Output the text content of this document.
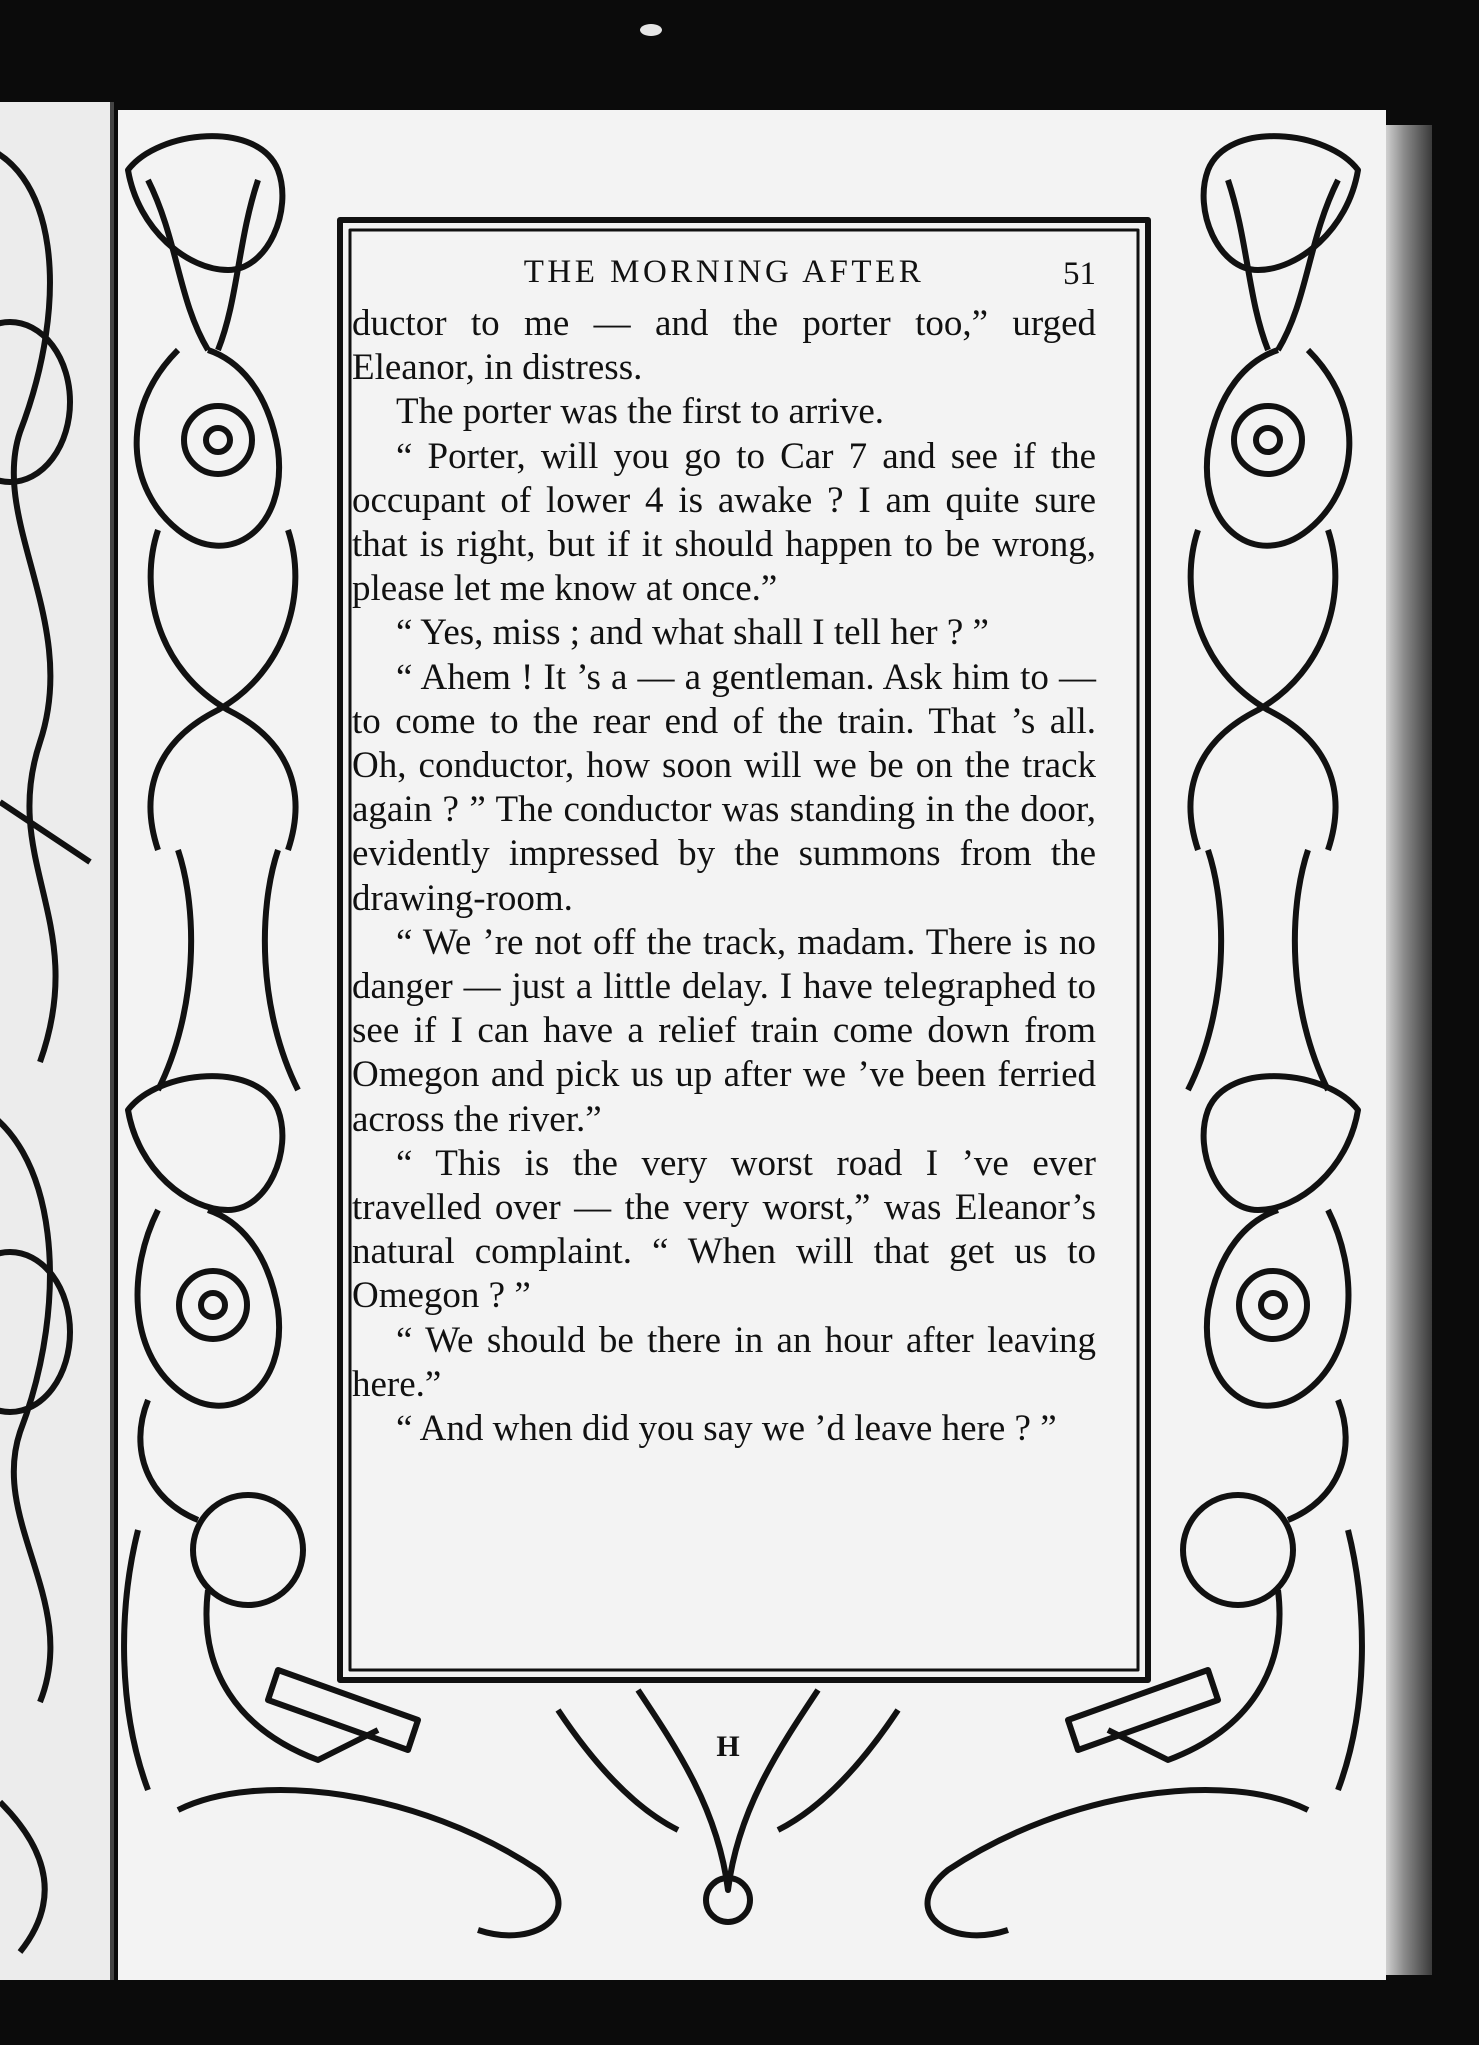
H
THE MORNING AFTER	51

ductor to me — and the porter too,” urged Eleanor, in distress.

The porter was the first to arrive.

“ Porter, will you go to Car 7 and see if the occupant of lower 4 is awake ? I am quite sure that is right, but if it should happen to be wrong, please let me know at once.”

“ Yes, miss ; and what shall I tell her ? ”

“ Ahem ! It ’s a — a gentleman. Ask him to — to come to the rear end of the train. That ’s all. Oh, conductor, how soon will we be on the track again ? ” The conductor was standing in the door, evidently impressed by the summons from the drawing-room.

“ We ’re not off the track, madam. There is no danger — just a little delay. I have telegraphed to see if I can have a relief train come down from Omegon and pick us up after we ’ve been ferried across the river.”

“ This is the very worst road I ’ve ever travelled over — the very worst,” was Eleanor’s natural complaint. “ When will that get us to Omegon ? ”

“ We should be there in an hour after leaving here.”

“ And when did you say we ’d leave here ? ”
